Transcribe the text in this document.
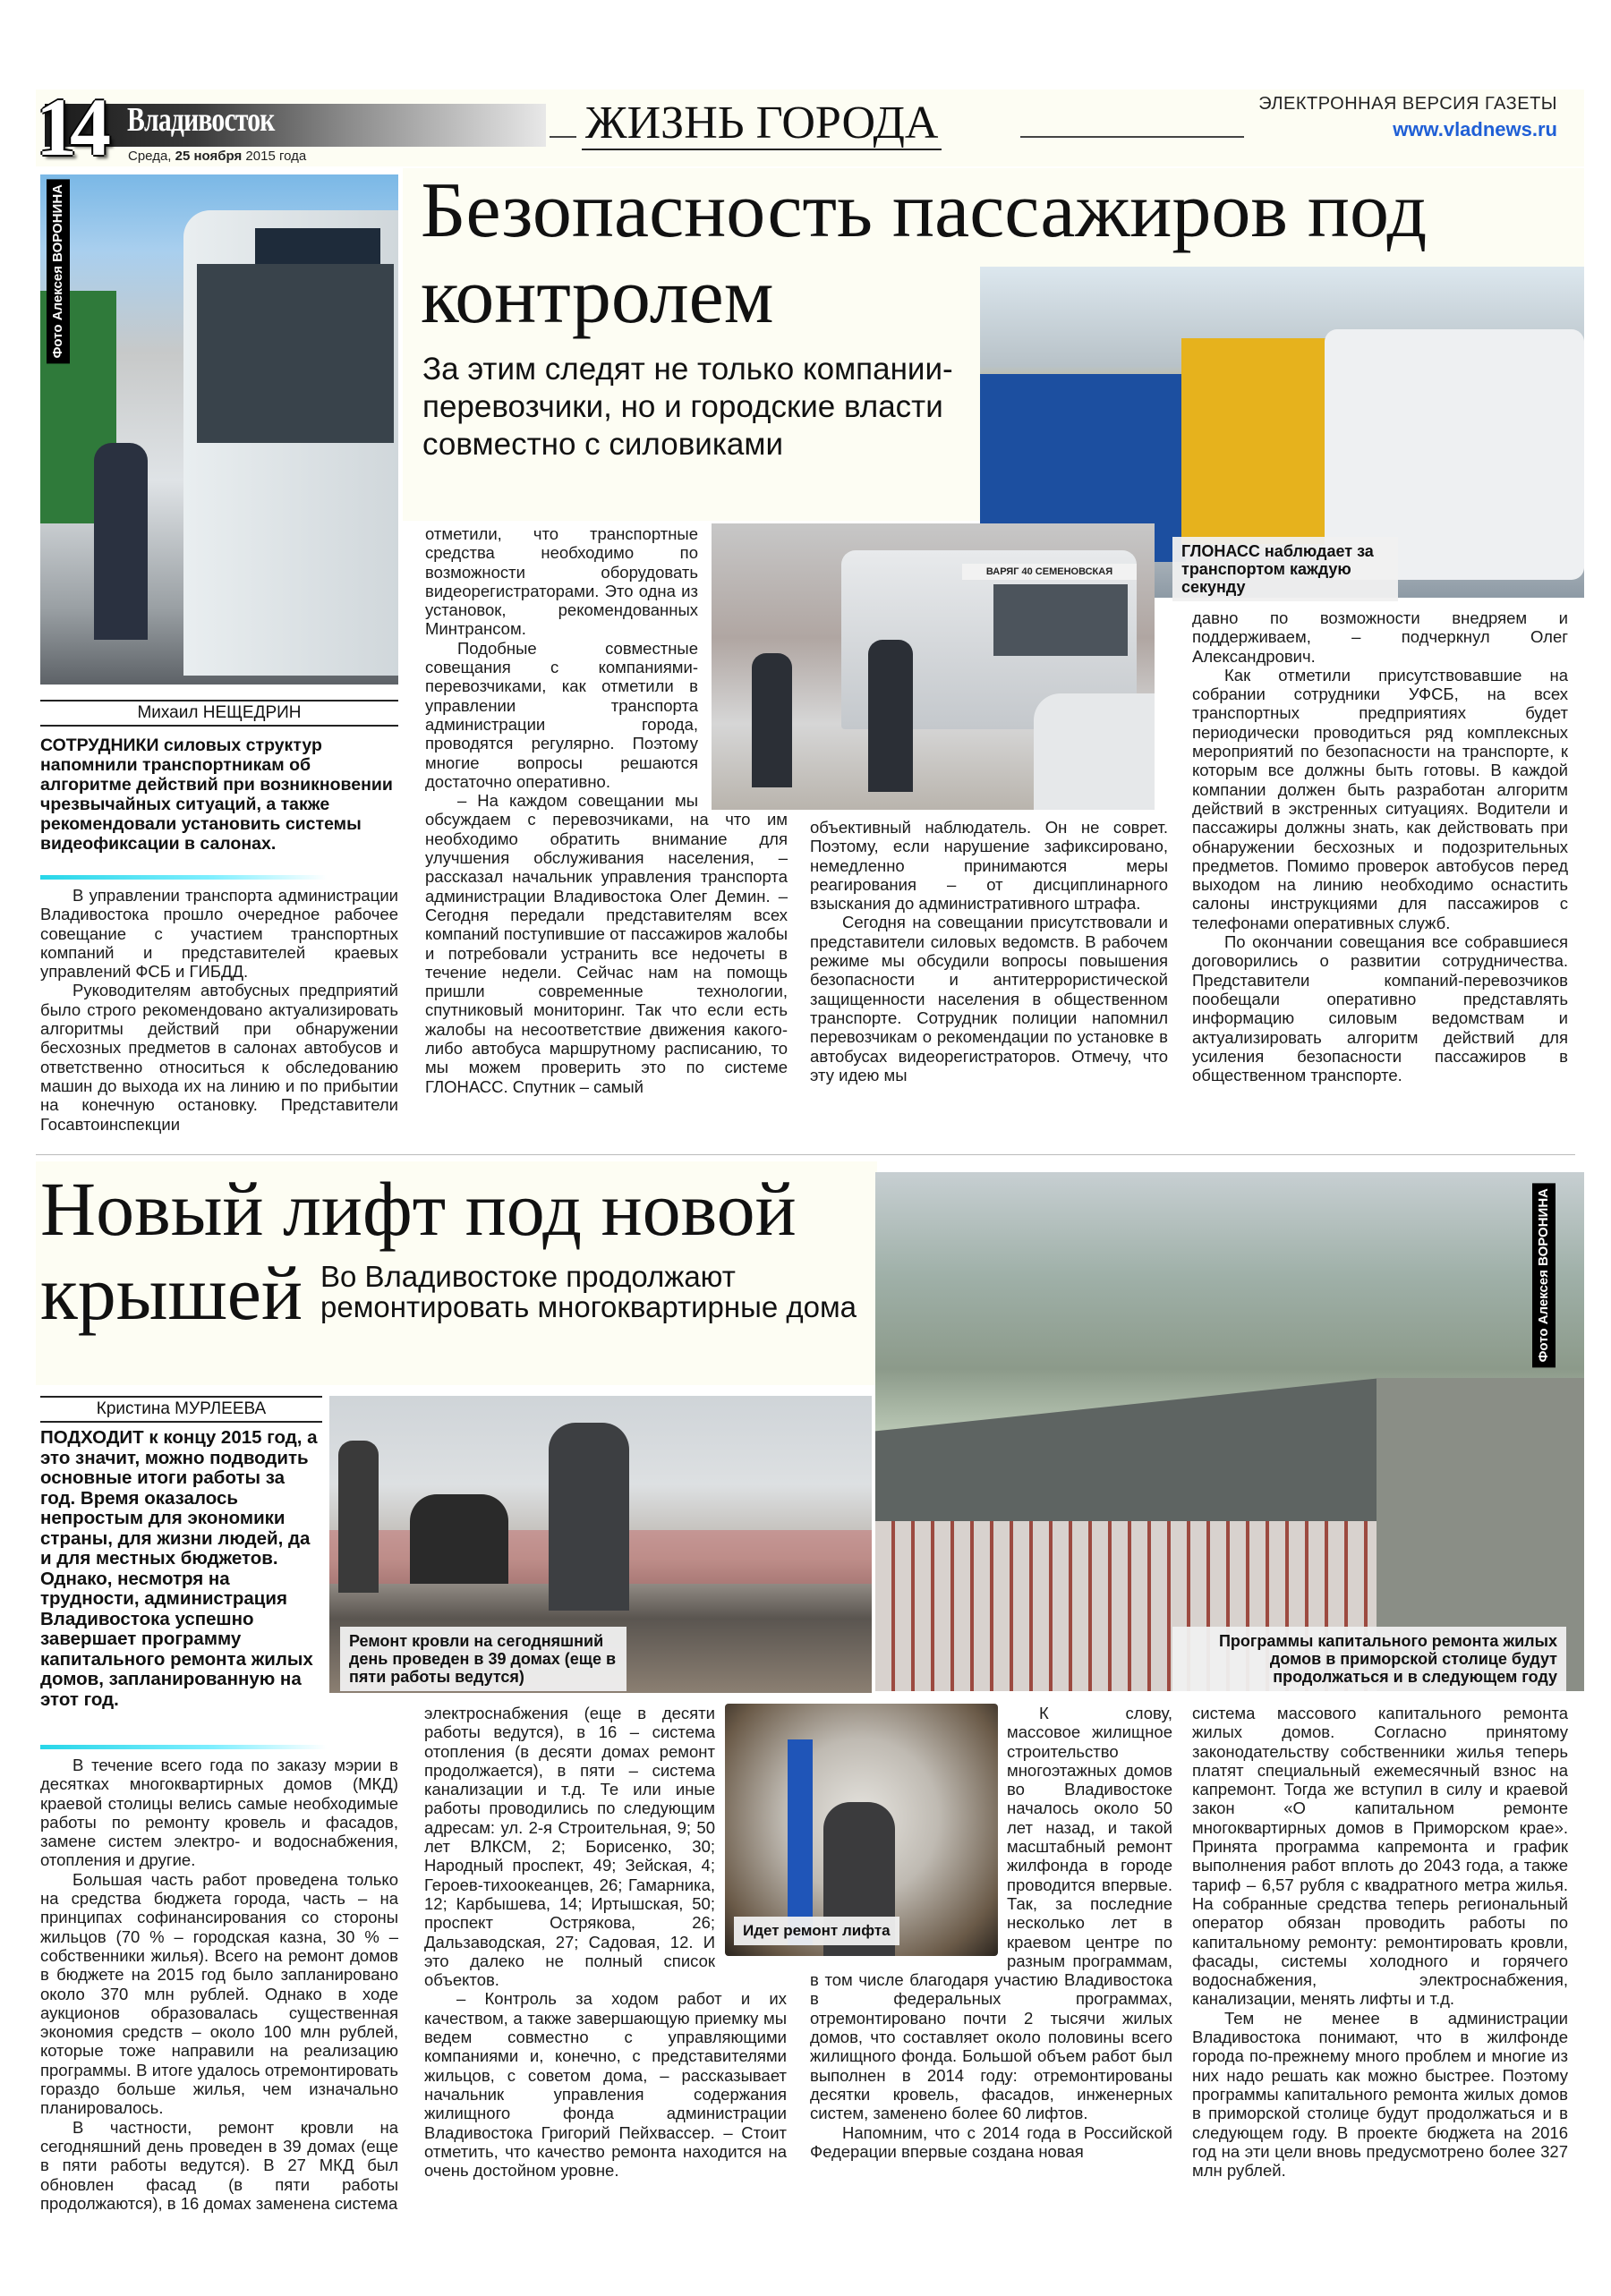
14 Владивосток
Среда, 25 ноября 2015 года
ЖИЗНЬ ГОРОДА	ЭЛЕКТРОННАЯ ВЕРСИЯ ГАЗЕТЫ
www.vladnews.ru
Фото Алексея ВОРОНИНА	Безопасность пассажиров под контролем
За этим следят не только компании-перевозчики, но и городские власти совместно с силовиками
ГЛОНАСС наблюдает за транспортом каждую секунду
ВАРЯГ 40 СЕМЕНОВСКАЯ
Михаил НЕЩЕДРИН
СОТРУДНИКИ силовых структур напомнили транспортникам об алгоритме действий при возникновении чрезвычайных ситуаций, а также рекомендовали установить системы видеофиксации в салонах.

В управлении транспорта администрации Владивостока прошло очередное рабочее совещание с участием транспортных компаний и представителей краевых управлений ФСБ и ГИБДД.

Руководителям автобусных предприятий было строго рекомендовано актуализировать алгоритмы действий при обнаружении бесхозных предметов в салонах автобусов и ответственно относиться к обследованию машин до выхода их на линию и по прибытии на конечную остановку. Представители Госавтоинспекции

отметили, что транспортные средства необходимо по возможности оборудовать видеорегистраторами. Это одна из установок, рекомендованных Минтрансом.

Подобные совместные совещания с компаниями-перевозчиками, как отметили в управлении транспорта администрации города, проводятся регулярно. Поэтому многие вопросы решаются достаточно оперативно.

– На каждом совещании мы обсуждаем с перевозчиками, на что им необходимо обратить внимание для улучшения обслуживания населения, – рассказал начальник управления транспорта администрации Владивостока Олег Демин. – Сегодня передали представителям всех компаний поступившие от пассажиров жалобы и потребовали устранить все недочеты в течение недели. Сейчас нам на помощь пришли современные технологии, спутниковый мониторинг. Так что если есть жалобы на несоответствие движения какого-либо автобуса маршрутному расписанию, то мы можем проверить это по системе ГЛОНАСС. Спутник – самый

объективный наблюдатель. Он не соврет. Поэтому, если нарушение зафиксировано, немедленно принимаются меры реагирования – от дисциплинарного взыскания до административного штрафа.

Сегодня на совещании присутствовали и представители силовых ведомств. В рабочем режиме мы обсудили вопросы повышения безопасности и антитеррористической защищенности населения в общественном транспорте. Сотрудник полиции напомнил перевозчикам о рекомендации по установке в автобусах видеорегистраторов. Отмечу, что эту идею мы

давно по возможности внедряем и поддерживаем, – подчеркнул Олег Александрович.

Как отметили присутствовавшие на собрании сотрудники УФСБ, на всех транспортных предприятиях будет периодически проводиться ряд комплексных мероприятий по безопасности на транспорте, к которым все должны быть готовы. В каждой компании должен быть разработан алгоритм действий в экстренных ситуациях. Водители и пассажиры должны знать, как действовать при обнаружении бесхозных и подозрительных предметов. Помимо проверок автобусов перед выходом на линию необходимо оснастить салоны инструкциями для пассажиров с телефонами оперативных служб.

По окончании совещания все собравшиеся договорились о развитии сотрудничества. Представители компаний-перевозчиков пообещали оперативно представлять информацию силовым ведомствам и актуализировать алгоритм действий для усиления безопасности пассажиров в общественном транспорте.

Фото Алексея ВОРОНИНА
Новый лифт под новой
крышей Во Владивостоке продолжают ремонтировать многоквартирные дома
Ремонт кровли на сегодняшний день проведен в 39 домах (еще в пяти работы ведутся)
Программы капитального ремонта жилых домов в приморской столице будут продолжаться и в следующем году
Кристина МУРЛЕЕВА
ПОДХОДИТ к концу 2015 год, а это значит, можно подводить основные итоги работы за год. Время оказалось непростым для экономики страны, для жизни людей, да и для местных бюджетов. Однако, несмотря на трудности, администрация Владивостока успешно завершает программу капитального ремонта жилых домов, запланированную на этот год.

В течение всего года по заказу мэрии в десятках многоквартирных домов (МКД) краевой столицы велись самые необходимые работы по ремонту кровель и фасадов, замене систем электро- и водоснабжения, отопления и другие.

Большая часть работ проведена только на средства бюджета города, часть – на принципах софинансирования со стороны жильцов (70 % – городская казна, 30 % – собственники жилья). Всего на ремонт домов в бюджете на 2015 год было запланировано около 370 млн рублей. Однако в ходе аукционов образовалась существенная экономия средств – около 100 млн рублей, которые тоже направили на реализацию программы. В итоге удалось отремонтировать гораздо больше жилья, чем изначально планировалось.

В частности, ремонт кровли на сегодняшний день проведен в 39 домах (еще в пяти работы ведутся). В 27 МКД был обновлен фасад (в пяти работы продолжаются), в 16 домах заменена система

электроснабжения (еще в десяти работы ведутся), в 16 – система отопления (в десяти домах ремонт продолжается), в пяти – система канализации и т.д. Те или иные работы проводились по следующим адресам: ул. 2-я Строительная, 9; 50 лет ВЛКСМ, 2; Борисенко, 30; Народный проспект, 49; Зейская, 4; Героев-тихоокеанцев, 26; Гамарника, 12; Карбышева, 14; Иртышская, 50; проспект Острякова, 26; Дальзаводская, 27; Садовая, 12. И это далеко не полный список объектов.

– Контроль за ходом работ и их качеством, а также завершающую приемку мы ведем совместно с управляющими компаниями и, конечно, с представителями жильцов, с советом дома, – рассказывает начальник управления содержания жилищного фонда администрации Владивостока Григорий Пейхвассер. – Стоит отметить, что качество ремонта находится на очень достойном уровне.

Идет ремонт лифта

К слову, массовое жилищное строительство многоэтажных домов во Владивостоке началось около 50 лет назад, и такой масштабный ремонт жилфонда в городе проводится впервые. Так, за последние несколько лет в краевом центре по разным программам, в том числе благодаря участию Владивостока в федеральных программах, отремонтировано почти 2 тысячи жилых домов, что составляет около половины всего жилищного фонда. Большой объем работ был выполнен в 2014 году: отремонтированы десятки кровель, фасадов, инженерных систем, заменено более 60 лифтов.

Напомним, что с 2014 года в Российской Федерации впервые создана новая

система массового капитального ремонта жилых домов. Согласно принятому законодательству собственники жилья теперь платят специальный ежемесячный взнос на капремонт. Тогда же вступил в силу и краевой закон «О капитальном ремонте многоквартирных домов в Приморском крае». Принята программа капремонта и график выполнения работ вплоть до 2043 года, а также тариф – 6,57 рубля с квадратного метра жилья. На собранные средства теперь региональный оператор обязан проводить работы по капитальному ремонту: ремонтировать кровли, фасады, системы холодного и горячего водоснабжения, электроснабжения, канализации, менять лифты и т.д.

Тем не менее в администрации Владивостока понимают, что в жилфонде города по-прежнему много проблем и многие из них надо решать как можно быстрее. Поэтому программы капитального ремонта жилых домов в приморской столице будут продолжаться и в следующем году. В проекте бюджета на 2016 год на эти цели вновь предусмотрено более 327 млн рублей.
